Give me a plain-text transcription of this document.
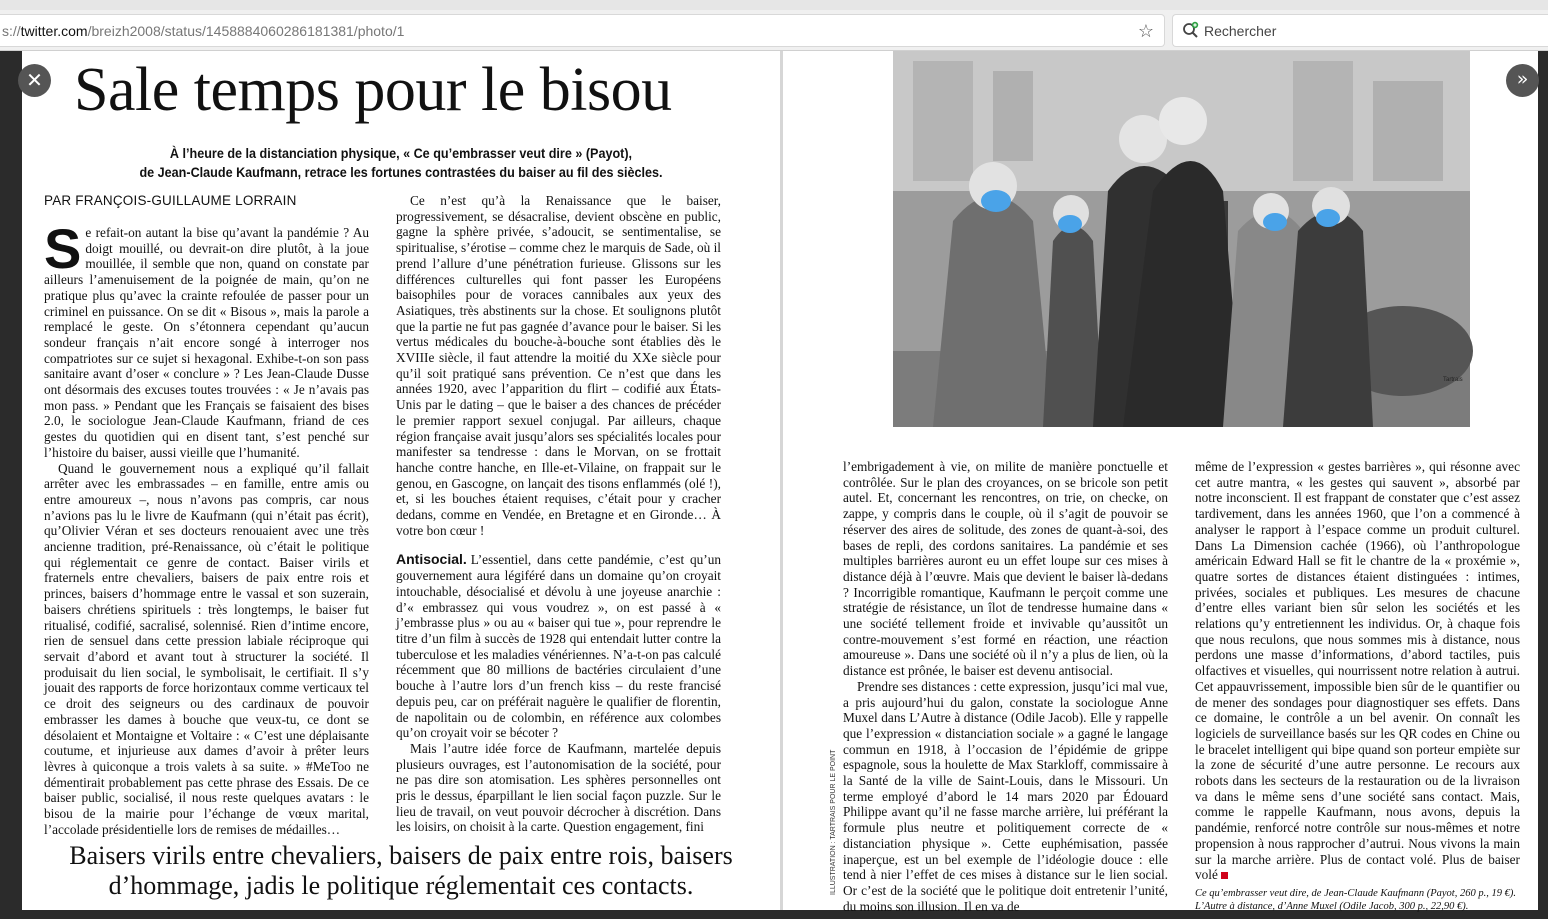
s://twitter.com/breizh2008/status/1458884060286181381/photo/1	☆	Rechercher
Sale temps pour le bisou
À l’heure de la distanciation physique, « Ce qu’embrasser veut dire » (Payot),
de Jean-Claude Kaufmann, retrace les fortunes contrastées du baiser au fil des siècles.
PAR FRANÇOIS-GUILLAUME LORRAIN

Se refait-on autant la bise qu’avant la pandémie ? Au doigt mouillé, ou devrait-on dire plutôt, à la joue mouillée, il semble que non, quand on constate par ailleurs l’amenuisement de la poignée de main, qu’on ne pratique plus qu’avec la crainte refoulée de passer pour un criminel en puissance. On se dit « Bisous », mais la parole a remplacé le geste. On s’étonnera cependant qu’aucun sondeur français n’ait encore songé à interroger nos compatriotes sur ce sujet si hexagonal. Exhibe-t-on son pass sanitaire avant d’oser « conclure » ? Les Jean-Claude Dusse ont désormais des excuses toutes trouvées : « Je n’avais pas mon pass. » Pendant que les Français se faisaient des bises 2.0, le sociologue Jean-Claude Kaufmann, friand de ces gestes du quotidien qui en disent tant, s’est penché sur l’histoire du baiser, aussi vieille que l’humanité.

Quand le gouvernement nous a expliqué qu’il fallait arrêter avec les embrassades – en famille, entre amis ou entre amoureux –, nous n’avons pas compris, car nous n’avions pas lu le livre de Kaufmann (qui n’était pas écrit), qu’Olivier Véran et ses docteurs renouaient avec une très ancienne tradition, pré-Renaissance, où c’était le politique qui réglementait ce genre de contact. Baiser virils et fraternels entre chevaliers, baisers de paix entre rois et princes, baisers d’hommage entre le vassal et son suzerain, baisers chrétiens spirituels : très longtemps, le baiser fut ritualisé, codifié, sacralisé, solennisé. Rien d’intime encore, rien de sensuel dans cette pression labiale réciproque qui servait d’abord et avant tout à structurer la société. Il produisait du lien social, le symbolisait, le certifiait. Il s’y jouait des rapports de force horizontaux comme verticaux tel ce droit des seigneurs ou des cardinaux de pouvoir embrasser les dames à bouche que veux-tu, ce dont se désolaient et Montaigne et Voltaire : « C’est une déplaisante coutume, et injurieuse aux dames d’avoir à prêter leurs lèvres à quiconque a trois valets à sa suite. » #MeToo ne démentirait probablement pas cette phrase des Essais. De ce baiser public, socialisé, il nous reste quelques avatars : le bisou de la mairie pour l’échange de vœux marital, l’accolade présidentielle lors de remises de médailles…

Ce n’est qu’à la Renaissance que le baiser, progressivement, se désacralise, devient obscène en public, gagne la sphère privée, s’adoucit, se sentimentalise, se spiritualise, s’érotise – comme chez le marquis de Sade, où il prend l’allure d’une pénétration furieuse. Glissons sur les différences culturelles qui font passer les Européens baisophiles pour de voraces cannibales aux yeux des Asiatiques, très abstinents sur la chose. Et soulignons plutôt que la partie ne fut pas gagnée d’avance pour le baiser. Si les vertus médicales du bouche-à-bouche sont établies dès le XVIIIe siècle, il faut attendre la moitié du XXe siècle pour qu’il soit pratiqué sans prévention. Ce n’est que dans les années 1920, avec l’apparition du flirt – codifié aux États-Unis par le dating – que le baiser a des chances de précéder le premier rapport sexuel conjugal. Par ailleurs, chaque région française avait jusqu’alors ses spécialités locales pour manifester sa tendresse : dans le Morvan, on se frottait hanche contre hanche, en Ille-et-Vilaine, on frappait sur le genou, en Gascogne, on lançait des tisons enflammés (olé !), et, si les bouches étaient requises, c’était pour y cracher dedans, comme en Vendée, en Bretagne et en Gironde… À votre bon cœur !

Antisocial. L’essentiel, dans cette pandémie, c’est qu’un gouvernement aura légiféré dans un domaine qu’on croyait intouchable, désocialisé et dévolu à une joyeuse anarchie : d’« embrassez qui vous voudrez », on est passé à « j’embrasse plus » ou au « baiser qui tue », pour reprendre le titre d’un film à succès de 1928 qui entendait lutter contre la tuberculose et les maladies vénériennes. N’a-t-on pas calculé récemment que 80 millions de bactéries circulaient d’une bouche à l’autre lors d’un french kiss – du reste francisé depuis peu, car on préférait naguère le qualifier de florentin, de napolitain ou de colombin, en référence aux colombes qu’on croyait voir se bécoter ?

Mais l’autre idée force de Kaufmann, martelée depuis plusieurs ouvrages, est l’autonomisation de la société, pour ne pas dire son atomisation. Les sphères personnelles ont pris le dessus, éparpillant le lien social façon puzzle. Sur le lieu de travail, on veut pouvoir décrocher à discrétion. Dans les loisirs, on choisit à la carte. Question engagement, fini

Baisers virils entre chevaliers, baisers de paix entre rois, baisers
d’hommage, jadis le politique réglementait ces contacts.
Tartrais
ILLUSTRATION : TARTRAIS POUR LE POINT

l’embrigadement à vie, on milite de manière ponctuelle et contrôlée. Sur le plan des croyances, on se bricole son petit autel. Et, concernant les rencontres, on trie, on checke, on zappe, y compris dans le couple, où il s’agit de pouvoir se réserver des aires de solitude, des zones de quant-à-soi, des bases de repli, des cordons sanitaires. La pandémie et ses multiples barrières auront eu un effet loupe sur ces mises à distance déjà à l’œuvre. Mais que devient le baiser là-dedans ? Incorrigible romantique, Kaufmann le perçoit comme une stratégie de résistance, un îlot de tendresse humaine dans « une société tellement froide et invivable qu’aussitôt un contre-mouvement s’est formé en réaction, une réaction amoureuse ». Dans une société où il n’y a plus de lien, où la distance est prônée, le baiser est devenu antisocial.

Prendre ses distances : cette expression, jusqu’ici mal vue, a pris aujourd’hui du galon, constate la sociologue Anne Muxel dans L’Autre à distance (Odile Jacob). Elle y rappelle que l’expression « distanciation sociale » a gagné le langage commun en 1918, à l’occasion de l’épidémie de grippe espagnole, sous la houlette de Max Starkloff, commissaire à la Santé de la ville de Saint-Louis, dans le Missouri. Un terme employé d’abord le 14 mars 2020 par Édouard Philippe avant qu’il ne fasse marche arrière, lui préférant la formule plus neutre et politiquement correcte de « distanciation physique ». Cette euphémisation, passée inaperçue, est un bel exemple de l’idéologie douce : elle tend à nier l’effet de ces mises à distance sur le lien social. Or c’est de la société que le politique doit entretenir l’unité, du moins son illusion. Il en va de

même de l’expression « gestes barrières », qui résonne avec cet autre mantra, « les gestes qui sauvent », absorbé par notre inconscient. Il est frappant de constater que c’est assez tardivement, dans les années 1960, que l’on a commencé à analyser le rapport à l’espace comme un produit culturel. Dans La Dimension cachée (1966), où l’anthropologue américain Edward Hall se fit le chantre de la « proxémie », quatre sortes de distances étaient distinguées : intimes, privées, sociales et publiques. Les mesures de chacune d’entre elles variant bien sûr selon les sociétés et les relations qu’y entretiennent les individus. Or, à chaque fois que nous reculons, que nous sommes mis à distance, nous perdons une masse d’informations, d’abord tactiles, puis olfactives et visuelles, qui nourrissent notre relation à autrui. Cet appauvrissement, impossible bien sûr de le quantifier ou de mener des sondages pour diagnostiquer ses effets. Dans ce domaine, le contrôle a un bel avenir. On connaît les logiciels de surveillance basés sur les QR codes en Chine ou le bracelet intelligent qui bipe quand son porteur empiète sur la zone de sécurité d’une autre personne. Le recours aux robots dans les secteurs de la restauration ou de la livraison va dans le même sens d’une société sans contact. Mais, comme le rappelle Kaufmann, nous avons, depuis la pandémie, renforcé notre contrôle sur nous-mêmes et notre propension à nous rapprocher d’autrui. Nous vivons la main sur la marche arrière. Plus de contact volé. Plus de baiser volé

Ce qu’embrasser veut dire, de Jean-Claude Kaufmann (Payot, 260 p., 19 €).

L’Autre à distance, d’Anne Muxel (Odile Jacob, 300 p., 22,90 €).

✕	»
